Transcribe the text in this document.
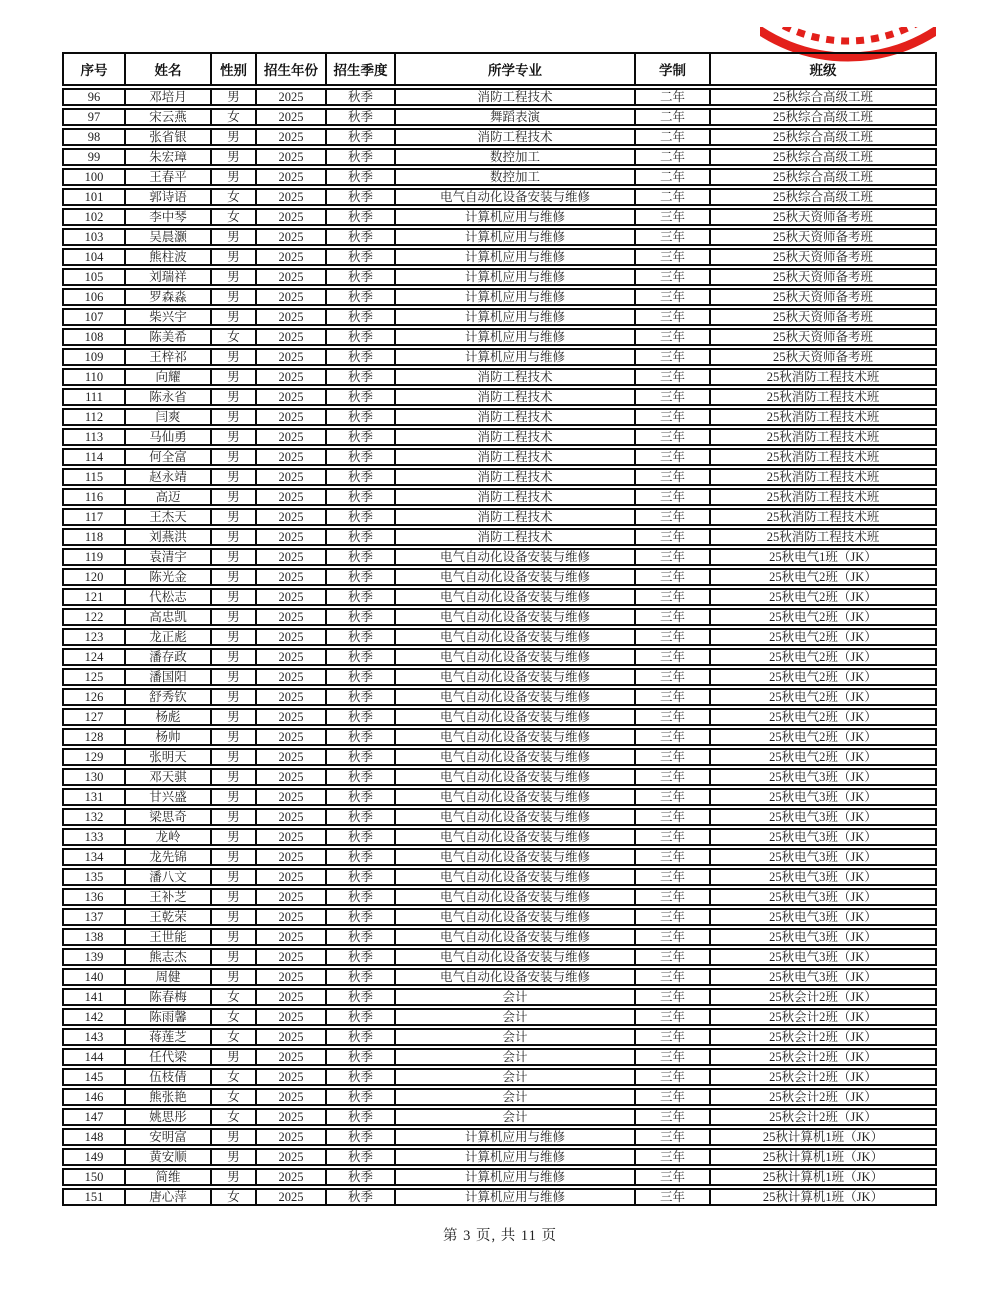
序号	姓名	性别	招生年份	招生季度	所学专业	学制	班级
96	邓培月	男	2025	秋季	消防工程技术	二年	25秋综合高级工班
97	宋云燕	女	2025	秋季	舞蹈表演	二年	25秋综合高级工班
98	张省银	男	2025	秋季	消防工程技术	二年	25秋综合高级工班
99	朱宏璋	男	2025	秋季	数控加工	二年	25秋综合高级工班
100	王春平	男	2025	秋季	数控加工	二年	25秋综合高级工班
101	郭诗语	女	2025	秋季	电气自动化设备安装与维修	二年	25秋综合高级工班
102	李中琴	女	2025	秋季	计算机应用与维修	三年	25秋天资师备考班
103	吴晨灏	男	2025	秋季	计算机应用与维修	三年	25秋天资师备考班
104	熊柱波	男	2025	秋季	计算机应用与维修	三年	25秋天资师备考班
105	刘瑞祥	男	2025	秋季	计算机应用与维修	三年	25秋天资师备考班
106	罗森淼	男	2025	秋季	计算机应用与维修	三年	25秋天资师备考班
107	柴兴宇	男	2025	秋季	计算机应用与维修	三年	25秋天资师备考班
108	陈美希	女	2025	秋季	计算机应用与维修	三年	25秋天资师备考班
109	王梓祁	男	2025	秋季	计算机应用与维修	三年	25秋天资师备考班
110	向耀	男	2025	秋季	消防工程技术	三年	25秋消防工程技术班
111	陈永省	男	2025	秋季	消防工程技术	三年	25秋消防工程技术班
112	闫爽	男	2025	秋季	消防工程技术	三年	25秋消防工程技术班
113	马仙勇	男	2025	秋季	消防工程技术	三年	25秋消防工程技术班
114	何全富	男	2025	秋季	消防工程技术	三年	25秋消防工程技术班
115	赵永靖	男	2025	秋季	消防工程技术	三年	25秋消防工程技术班
116	高迈	男	2025	秋季	消防工程技术	三年	25秋消防工程技术班
117	王杰天	男	2025	秋季	消防工程技术	三年	25秋消防工程技术班
118	刘燕洪	男	2025	秋季	消防工程技术	三年	25秋消防工程技术班
119	袁清宇	男	2025	秋季	电气自动化设备安装与维修	三年	25秋电气1班（JK）
120	陈光金	男	2025	秋季	电气自动化设备安装与维修	三年	25秋电气2班（JK）
121	代松志	男	2025	秋季	电气自动化设备安装与维修	三年	25秋电气2班（JK）
122	高忠凯	男	2025	秋季	电气自动化设备安装与维修	三年	25秋电气2班（JK）
123	龙正彪	男	2025	秋季	电气自动化设备安装与维修	三年	25秋电气2班（JK）
124	潘存政	男	2025	秋季	电气自动化设备安装与维修	三年	25秋电气2班（JK）
125	潘国阳	男	2025	秋季	电气自动化设备安装与维修	三年	25秋电气2班（JK）
126	舒秀钦	男	2025	秋季	电气自动化设备安装与维修	三年	25秋电气2班（JK）
127	杨彪	男	2025	秋季	电气自动化设备安装与维修	三年	25秋电气2班（JK）
128	杨帅	男	2025	秋季	电气自动化设备安装与维修	三年	25秋电气2班（JK）
129	张明天	男	2025	秋季	电气自动化设备安装与维修	三年	25秋电气2班（JK）
130	邓天骐	男	2025	秋季	电气自动化设备安装与维修	三年	25秋电气3班（JK）
131	甘兴盛	男	2025	秋季	电气自动化设备安装与维修	三年	25秋电气3班（JK）
132	梁思奇	男	2025	秋季	电气自动化设备安装与维修	三年	25秋电气3班（JK）
133	龙岭	男	2025	秋季	电气自动化设备安装与维修	三年	25秋电气3班（JK）
134	龙先锦	男	2025	秋季	电气自动化设备安装与维修	三年	25秋电气3班（JK）
135	潘八文	男	2025	秋季	电气自动化设备安装与维修	三年	25秋电气3班（JK）
136	王补芝	男	2025	秋季	电气自动化设备安装与维修	三年	25秋电气3班（JK）
137	王乾荣	男	2025	秋季	电气自动化设备安装与维修	三年	25秋电气3班（JK）
138	王世能	男	2025	秋季	电气自动化设备安装与维修	三年	25秋电气3班（JK）
139	熊志杰	男	2025	秋季	电气自动化设备安装与维修	三年	25秋电气3班（JK）
140	周健	男	2025	秋季	电气自动化设备安装与维修	三年	25秋电气3班（JK）
141	陈春梅	女	2025	秋季	会计	三年	25秋会计2班（JK）
142	陈雨馨	女	2025	秋季	会计	三年	25秋会计2班（JK）
143	蒋莲芝	女	2025	秋季	会计	三年	25秋会计2班（JK）
144	任代梁	男	2025	秋季	会计	三年	25秋会计2班（JK）
145	伍枝倩	女	2025	秋季	会计	三年	25秋会计2班（JK）
146	熊张艳	女	2025	秋季	会计	三年	25秋会计2班（JK）
147	姚思彤	女	2025	秋季	会计	三年	25秋会计2班（JK）
148	安明富	男	2025	秋季	计算机应用与维修	三年	25秋计算机1班（JK）
149	黄安顺	男	2025	秋季	计算机应用与维修	三年	25秋计算机1班（JK）
150	简维	男	2025	秋季	计算机应用与维修	三年	25秋计算机1班（JK）
151	唐心萍	女	2025	秋季	计算机应用与维修	三年	25秋计算机1班（JK）
第 3 页, 共 11 页
